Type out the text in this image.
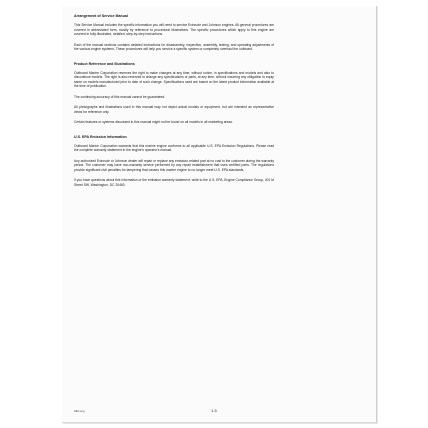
Arrangement of Service Manual

This Service Manual includes the specific information you will need to service Evinrude and Johnson engines. All general procedures are covered in abbreviated form, mostly by reference to procedural illustrations. The specific procedures which apply to this engine are covered in fully-illustrated, detailed, step-by-step instructions.

Each of the manual sections contains detailed instructions for disassembly, inspection, assembly, testing, and operating adjustments of the various engine systems. These procedures will help you service a specific system or completely overhaul the outboard.

Product Reference and Illustrations

Outboard Marine Corporation reserves the right to make changes at any time, without notice, in specifications and models and also to discontinue models. The right is also reserved to change any specifications or parts, at any time, without incurring any obligation to equip same on models manufactured prior to date of such change. Specifications used are based on the latest product information available at the time of publication.

The continuing accuracy of this manual cannot be guaranteed.

All photographs and illustrations used in this manual may not depict actual models or equipment, but are intended as representative views for reference only.

Certain features or systems discussed in this manual might not be found on all models in all marketing areas.

U.S. EPA Emission Information

Outboard Marine Corporation warrants that this marine engine conforms to all applicable U.S. EPA Emission Regulations. Please read the complete warranty statement in the engine's operator's manual.

Any authorized Evinrude or Johnson dealer will repair or replace any emission-related part at no cost to the customer during the warranty period. The customer may have non-warranty service performed by any repair establishment that uses certified parts. The regulations provide significant civil penalties for tampering that causes this marine engine to no longer meet U.S. EPA standards.

If you have questions about this information or the emission warranty statement, write to the U.S. EPA, Engine Compliance Group, 401 M Street SW, Washington, DC 20460.

SEC-eng	1-5
